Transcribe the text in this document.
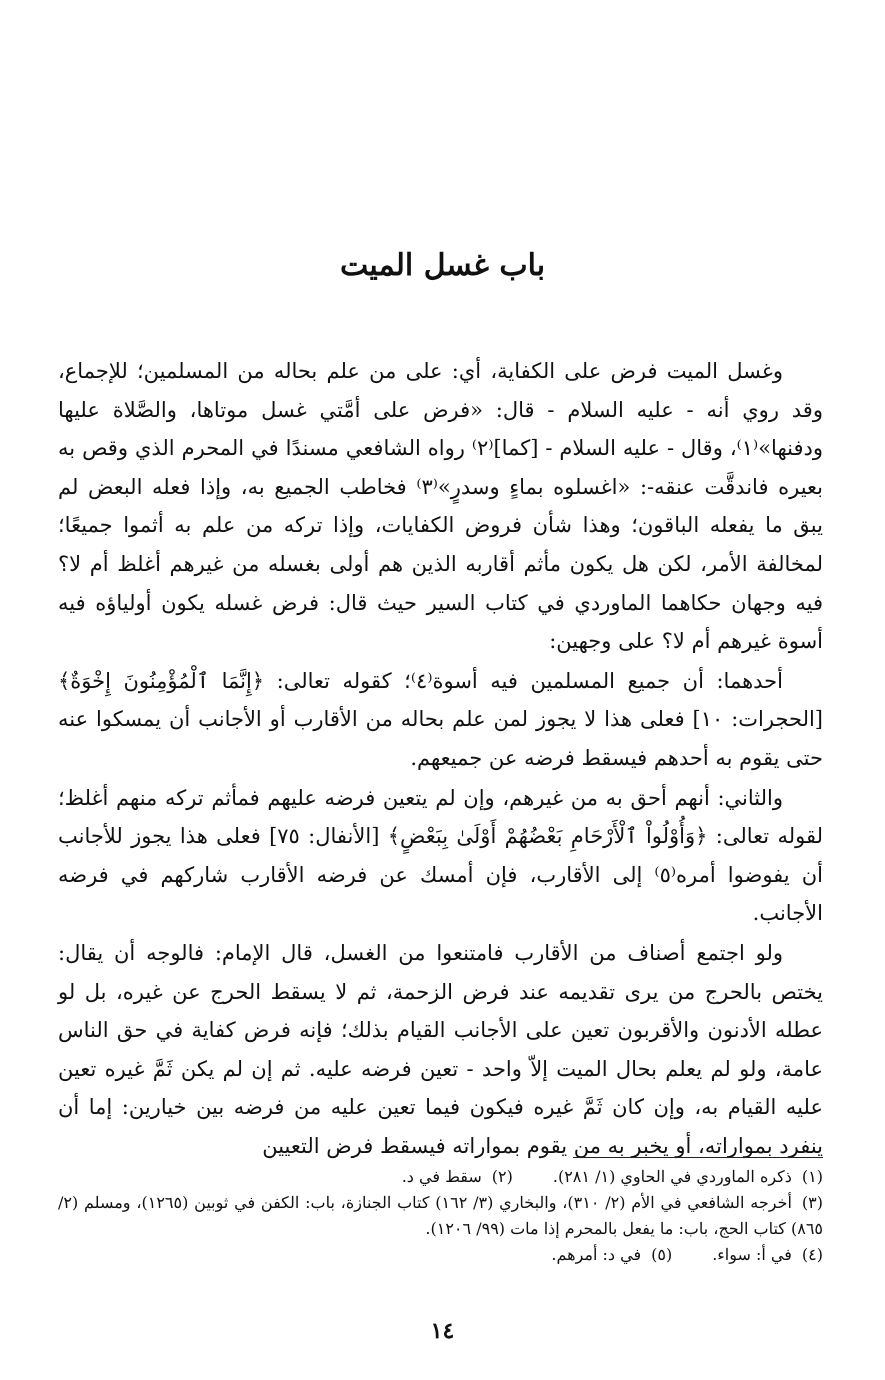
باب غسل الميت

وغسل الميت فرض على الكفاية، أي: على من علم بحاله من المسلمين؛ للإجماع، وقد روي أنه - عليه السلام - قال: «فرض على أمَّتي غسل موتاها، والصَّلاة عليها ودفنها»⁽١⁾، وقال - عليه السلام - [كما]⁽٢⁾ رواه الشافعي مسندًا في المحرم الذي وقص به بعيره فاندقَّت عنقه-: «اغسلوه بماءٍ وسدرٍ»⁽٣⁾ فخاطب الجميع به، وإذا فعله البعض لم يبق ما يفعله الباقون؛ وهذا شأن فروض الكفايات، وإذا تركه من علم به أثموا جميعًا؛ لمخالفة الأمر، لكن هل يكون مأثم أقاربه الذين هم أولى بغسله من غيرهم أغلظ أم لا؟ فيه وجهان حكاهما الماوردي في كتاب السير حيث قال: فرض غسله يكون أولياؤه فيه أسوة غيرهم أم لا؟ على وجهين:

أحدهما: أن جميع المسلمين فيه أسوة⁽٤⁾؛ كقوله تعالى: ﴿إِنَّمَا ٱلْمُؤْمِنُونَ إِخْوَةٌ﴾ [الحجرات: ١٠] فعلى هذا لا يجوز لمن علم بحاله من الأقارب أو الأجانب أن يمسكوا عنه حتى يقوم به أحدهم فيسقط فرضه عن جميعهم.

والثاني: أنهم أحق به من غيرهم، وإن لم يتعين فرضه عليهم فمأثم تركه منهم أغلظ؛ لقوله تعالى: ﴿وَأُوْلُواْ ٱلْأَرْحَامِ بَعْضُهُمْ أَوْلَىٰ بِبَعْضٍ﴾ [الأنفال: ٧٥] فعلى هذا يجوز للأجانب أن يفوضوا أمره⁽٥⁾ إلى الأقارب، فإن أمسك عن فرضه الأقارب شاركهم في فرضه الأجانب.

ولو اجتمع أصناف من الأقارب فامتنعوا من الغسل، قال الإمام: فالوجه أن يقال: يختص بالحرج من يرى تقديمه عند فرض الزحمة، ثم لا يسقط الحرج عن غيره، بل لو عطله الأدنون والأقربون تعين على الأجانب القيام بذلك؛ فإنه فرض كفاية في حق الناس عامة، ولو لم يعلم بحال الميت إلاّ واحد - تعين فرضه عليه. ثم إن لم يكن ثَمَّ غيره تعين عليه القيام به، وإن كان ثَمَّ غيره فيكون فيما تعين عليه من فرضه بين خيارين: إما أن ينفرد بمواراته، أو يخبر به من يقوم بمواراته فيسقط فرض التعيين

(١)ذكره الماوردي في الحاوي (١/ ٢٨١).
(٢)سقط في د.
(٣)أخرجه الشافعي في الأم (٢/ ٣١٠)، والبخاري (٣/ ١٦٢) كتاب الجنازة، باب: الكفن في ثوبين (١٢٦٥)، ومسلم (٢/ ٨٦٥) كتاب الحج، باب: ما يفعل بالمحرم إذا مات (٩٩/ ١٢٠٦).
(٤)في أ: سواء.
(٥)في د: أمرهم.
١٤
